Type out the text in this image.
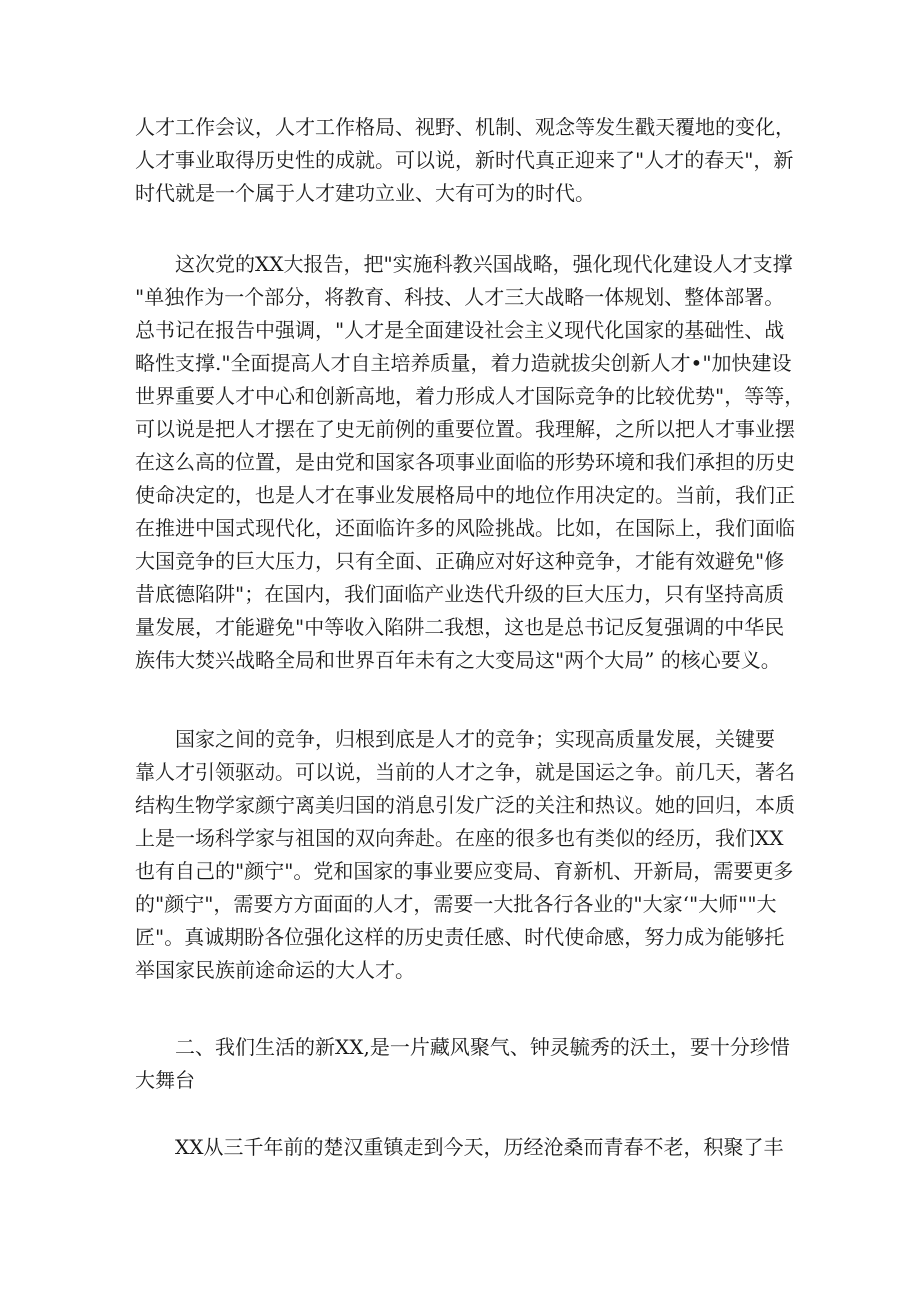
人才工作会议，人才工作格局、视野、机制、观念等发生戳天覆地的变化，
人才事业取得历史性的成就。可以说，新时代真正迎来了"人才的春天"，新
时代就是一个属于人才建功立业、大有可为的时代。

　　这次党的XX大报告，把"实施科教兴国战略，强化现代化建设人才支撑
"单独作为一个部分，将教育、科技、人才三大战略一体规划、整体部署。
总书记在报告中强调，"人才是全面建设社会主义现代化国家的基础性、战
略性支撑."全面提高人才自主培养质量，着力造就拔尖创新人才•"加快建设
世界重要人才中心和创新高地，着力形成人才国际竞争的比较优势"，等等，
可以说是把人才摆在了史无前例的重要位置。我理解，之所以把人才事业摆
在这么高的位置，是由党和国家各项事业面临的形势环境和我们承担的历史
使命决定的，也是人才在事业发展格局中的地位作用决定的。当前，我们正
在推进中国式现代化，还面临许多的风险挑战。比如，在国际上，我们面临
大国竞争的巨大压力，只有全面、正确应对好这种竞争，才能有效避免"修
昔底德陷阱"；在国内，我们面临产业迭代升级的巨大压力，只有坚持高质
量发展，才能避免"中等收入陷阱二我想，这也是总书记反复强调的中华民
族伟大焚兴战略全局和世界百年未有之大变局这"两个大局” 的核心要义。

　　国家之间的竞争，归根到底是人才的竞争；实现高质量发展，关键要
靠人才引领驱动。可以说，当前的人才之争，就是国运之争。前几天，著名
结构生物学家颜宁离美归国的消息引发广泛的关注和热议。她的回归，本质
上是一场科学家与祖国的双向奔赴。在座的很多也有类似的经历，我们XX
也有自己的"颜宁"。党和国家的事业要应变局、育新机、开新局，需要更多
的"颜宁"，需要方方面面的人才，需要一大批各行各业的"大家‘"大师""大
匠"。真诚期盼各位强化这样的历史责任感、时代使命感，努力成为能够托
举国家民族前途命运的大人才。

　　二、我们生活的新XX,是一片藏风聚气、钟灵毓秀的沃土，要十分珍惜
大舞台

　　XX从三千年前的楚汉重镇走到今天，历经沧桑而青春不老，积聚了丰
